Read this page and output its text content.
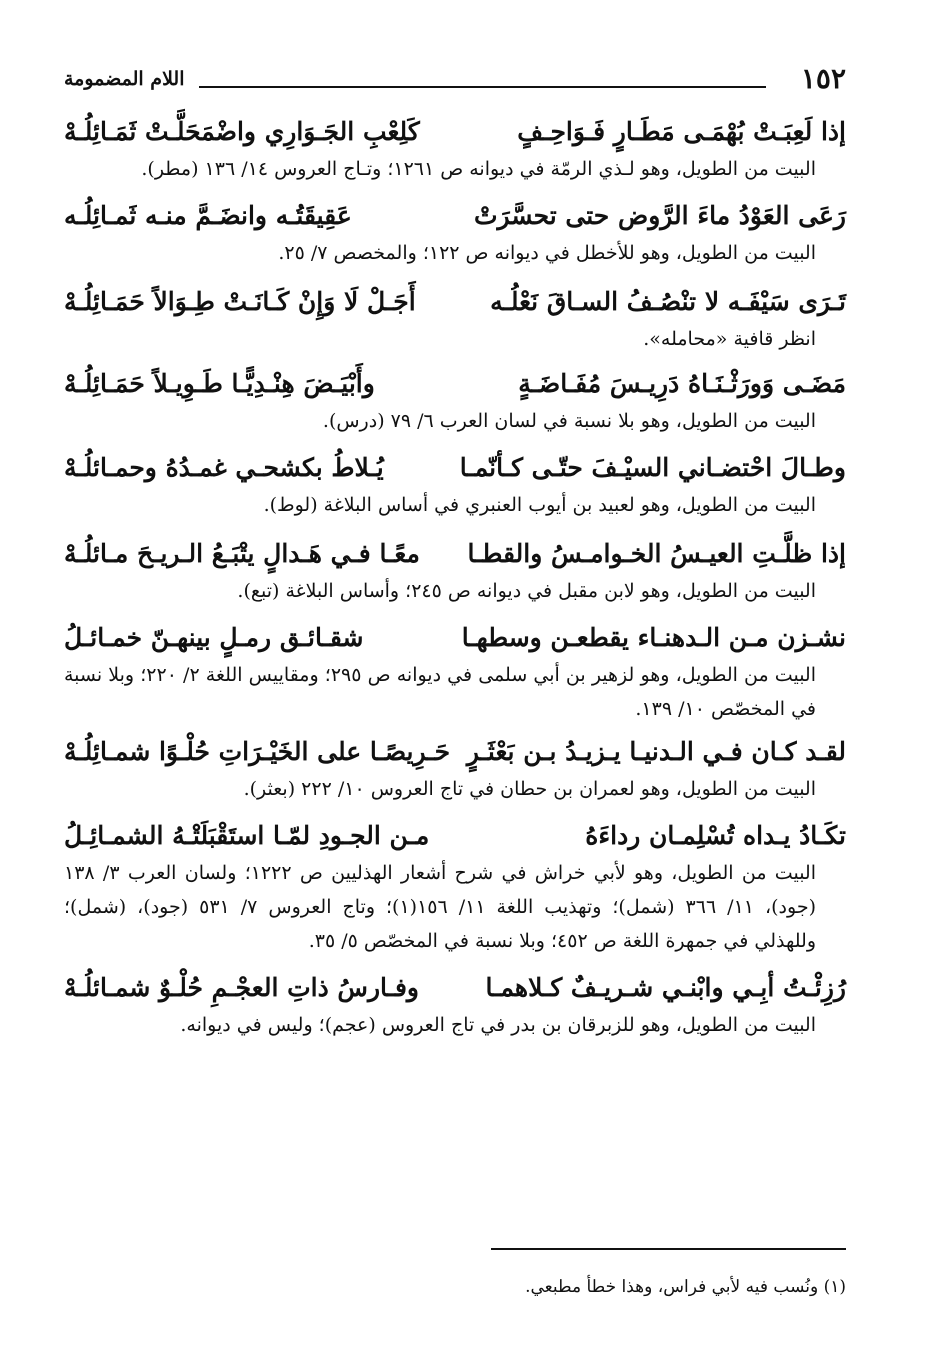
١٥٢
اللام المضمومة
إذا لَعِبَـتْ بُهْمَـى مَطَـارٍ فَـوَاحِـفٍ
كَلِعْبِ الجَـوَارِي واضْمَحَلَّـتْ ثَمَـائِلُـهْ
البيت من الطويل، وهو لـذي الرمّة في ديوانه ص ١٢٦١؛ وتـاج العروس ١٤/ ١٣٦ (مطر).
رَعَى العَوْدُ ماءَ الرَّوض حتى تحسَّرَتْ
عَقِيقَتُـه وانضَـمَّ منـه ثَمـائِلُـه
البيت من الطويل، وهو للأخطل في ديوانه ص ١٢٢؛ والمخصص ٧/ ٢٥.
تَـرَى سَيْفَـه لا تنْصُـفُ السـاقَ نَعْلُـه
أَجَـلْ لَا وَإِنْ كَـانَـتْ طِـوَالاً حَمَـائِلُـهْ
انظر قافية «محامله».
مَضَـى وَورَثْـنَـاهُ دَرِيـسَ مُفَـاضَـةٍ
وأَبْيَـضَ هِنْـدِيًّـا طَـوِيـلاً حَمَـائِلُـهْ
البيت من الطويل، وهو بلا نسبة في لسان العرب ٦/ ٧٩ (درس).
وطـالَ احْتضـاني السيْـفَ حتّـى كـأنّمـا
يُـلاطُ بكشحـي غمـدُهُ وحمـائلُـهْ
البيت من الطويل، وهو لعبيد بن أيوب العنبري في أساس البلاغة (لوط).
إذا ظلَّـتِ العيـسُ الخـوامـسُ والقطـا
معًـا فـي هَـدالٍ يتْبَـعُ الـريـحَ مـائلُـهْ
البيت من الطويل، وهو لابن مقبل في ديوانه ص ٢٤٥؛ وأساس البلاغة (تبع).
نشـزن مـن الـدهنـاء يقطعـن وسطهـا
شقـائـق رمـلٍ بينهـنّ خمـائـلُ
البيت من الطويل، وهو لزهير بن أبي سلمى في ديوانه ص ٢٩٥؛ ومقاييس اللغة ٢/ ٢٢٠؛ وبلا نسبة في المخصّص ١٠/ ١٣٩.
لقـد كـان فـي الـدنيـا يـزيـدُ بـن بَعْثَـرٍ
حَـرِيصًـا على الخَيْـرَاتِ حُلْـوًا شمـائِلُـهْ
البيت من الطويل، وهو لعمران بن حطان في تاج العروس ١٠/ ٢٢٢ (بعثر).
تكَـادُ يـداه تُسْلِمـان رداءَهُ
مـن الجـودِ لمّـا استَقْبَلَتْـهُ الشمـائِـلُ
البيت من الطويل، وهو لأبي خراش في شرح أشعار الهذليين ص ١٢٢٢؛ ولسان العرب ٣/ ١٣٨ (جود)، ١١/ ٣٦٦ (شمل)؛ وتهذيب اللغة ١١/ ١٥٦(١)؛ وتاج العروس ٧/ ٥٣١ (جود)، (شمل)؛ وللهذلي في جمهرة اللغة ص ٤٥٢؛ وبلا نسبة في المخصّص ٥/ ٣٥.
رُزِئْـتُ أبِـي وابْنـي شـريـفٌ كـلاهمـا
وفـارسُ ذاتِ العجْـمِ حُلْـوٌ شمـائلُـهْ
البيت من الطويل، وهو للزبرقان بن بدر في تاج العروس (عجم)؛ وليس في ديوانه.
(١) ونُسب فيه لأبي فراس، وهذا خطأ مطبعي.
